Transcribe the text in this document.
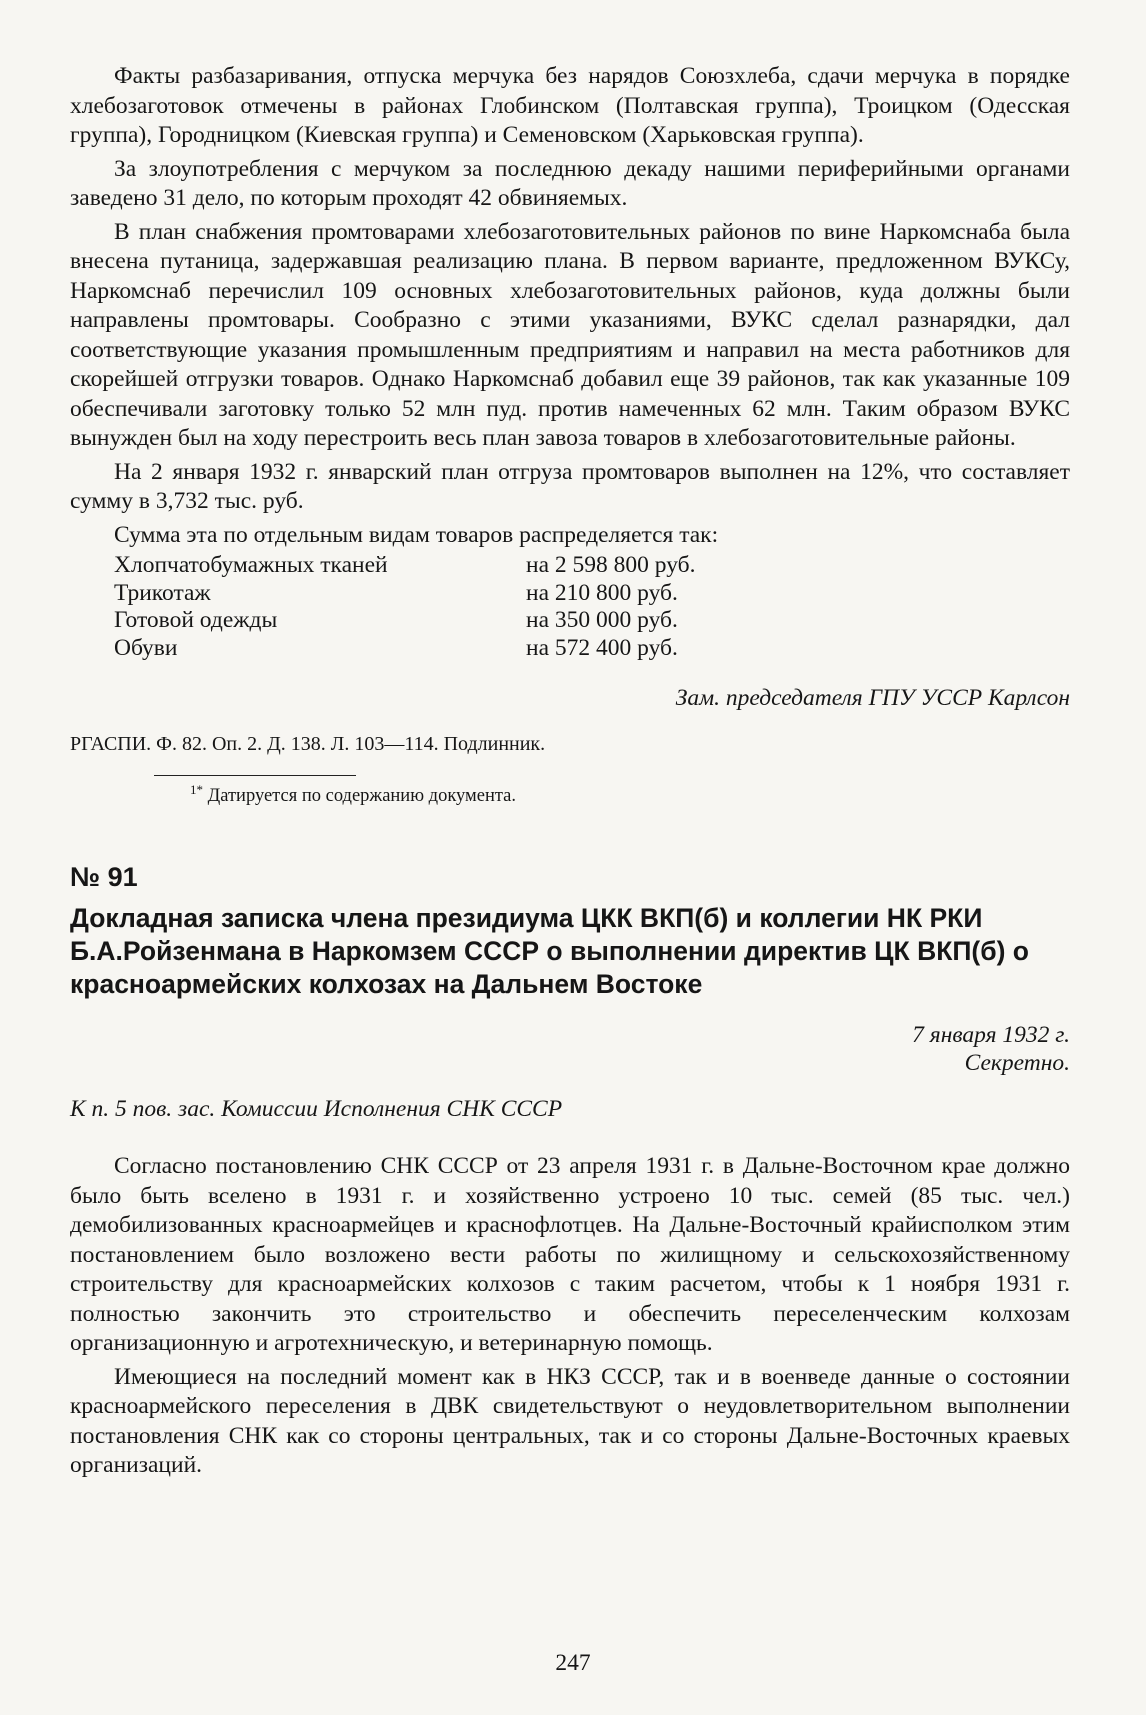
Факты разбазаривания, отпуска мерчука без нарядов Союзхлеба, сдачи мерчука в порядке хлебозаготовок отмечены в районах Глобинском (Полтавская группа), Троицком (Одесская группа), Городницком (Киевская группа) и Семеновском (Харьковская группа).

За злоупотребления с мерчуком за последнюю декаду нашими периферийными органами заведено 31 дело, по которым проходят 42 обвиняемых.

В план снабжения промтоварами хлебозаготовительных районов по вине Наркомснаба была внесена путаница, задержавшая реализацию плана. В первом варианте, предложенном ВУКСу, Наркомснаб перечислил 109 основных хлебозаготовительных районов, куда должны были направлены промтовары. Сообразно с этими указаниями, ВУКС сделал разнарядки, дал соответствующие указания промышленным предприятиям и направил на места работников для скорейшей отгрузки товаров. Однако Наркомснаб добавил еще 39 районов, так как указанные 109 обеспечивали заготовку только 52 млн пуд. против намеченных 62 млн. Таким образом ВУКС вынужден был на ходу перестроить весь план завоза товаров в хлебозаготовительные районы.

На 2 января 1932 г. январский план отгруза промтоваров выполнен на 12%, что составляет сумму в 3,732 тыс. руб.

Сумма эта по отдельным видам товаров распределяется так:

Хлопчатобумажных тканей	на 2 598 800 руб.
Трикотаж	на 210 800 руб.
Готовой одежды	на 350 000 руб.
Обуви	на 572 400 руб.
Зам. председателя ГПУ УССР Карлсон
РГАСПИ. Ф. 82. Оп. 2. Д. 138. Л. 103—114. Подлинник.
$^{1*}$ Датируется по содержанию документа.
№ 91
Докладная записка члена президиума ЦКК ВКП(б) и коллегии НК РКИ Б.А.Ройзенмана в Наркомзем СССР о выполнении директив ЦК ВКП(б) о красноармейских колхозах на Дальнем Востоке
7 января 1932 г.
Секретно.
К п. 5 пов. зас. Комиссии Исполнения СНК СССР

Согласно постановлению СНК СССР от 23 апреля 1931 г. в Дальне-Восточном крае должно было быть вселено в 1931 г. и хозяйственно устроено 10 тыс. семей (85 тыс. чел.) демобилизованных красноармейцев и краснофлотцев. На Дальне-Восточный крайисполком этим постановлением было возложено вести работы по жилищному и сельскохозяйственному строительству для красноармейских колхозов с таким расчетом, чтобы к 1 ноября 1931 г. полностью закончить это строительство и обеспечить переселенческим колхозам организационную и агротехническую, и ветеринарную помощь.

Имеющиеся на последний момент как в НКЗ СССР, так и в военведе данные о состоянии красноармейского переселения в ДВК свидетельствуют о неудовлетворительном выполнении постановления СНК как со стороны центральных, так и со стороны Дальне-Восточных краевых организаций.

247
